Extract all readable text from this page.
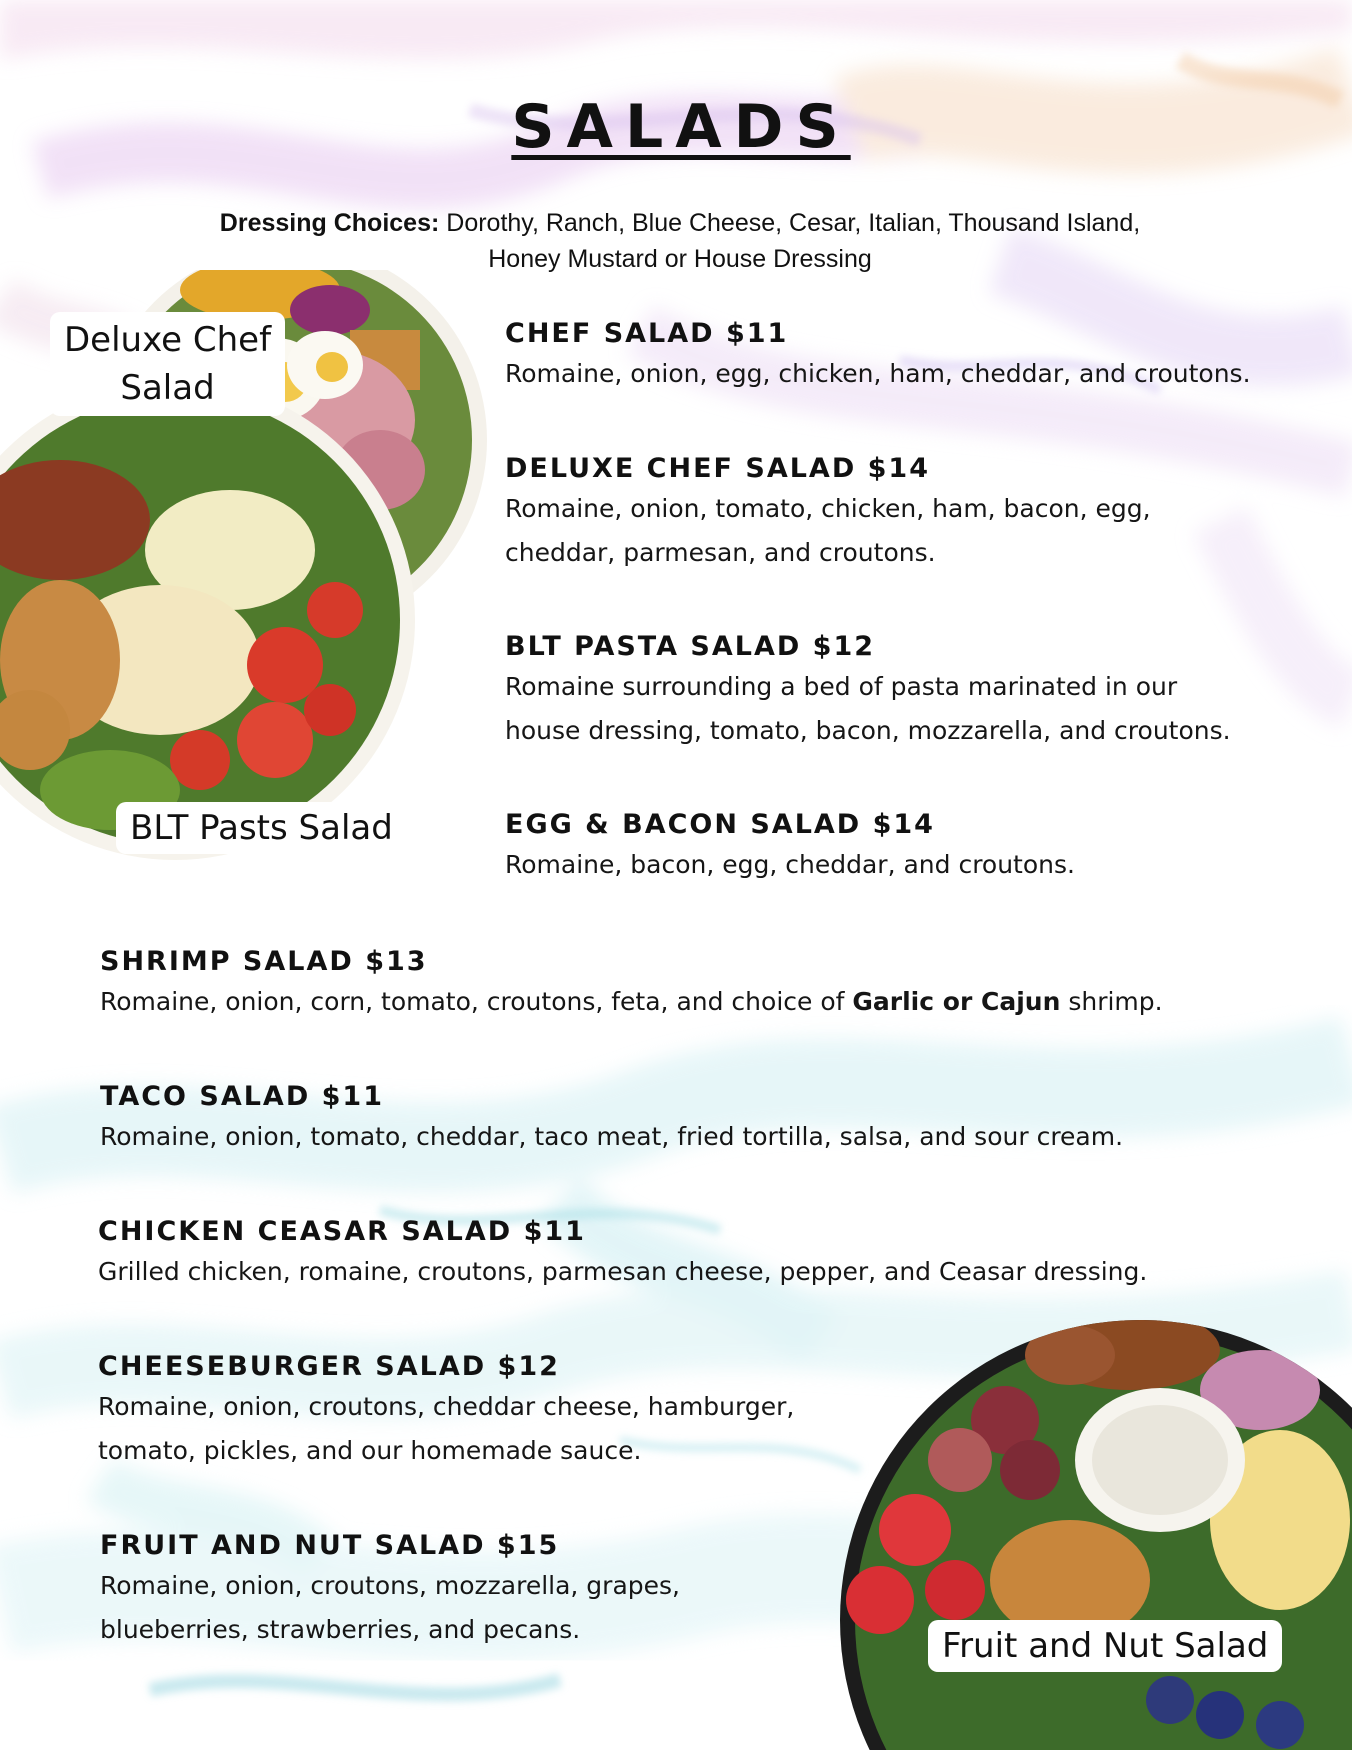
SALADS
Dressing Choices: Dorothy, Ranch, Blue Cheese, Cesar, Italian, Thousand Island,
Honey Mustard or House Dressing
Deluxe Chef
Salad
BLT Pasts Salad
Fruit and Nut Salad
CHEF SALAD $11
Romaine, onion, egg, chicken, ham, cheddar, and croutons.
DELUXE CHEF SALAD $14
Romaine, onion, tomato, chicken, ham, bacon, egg,
cheddar, parmesan, and croutons.
BLT PASTA SALAD $12
Romaine surrounding a bed of pasta marinated in our
house dressing, tomato, bacon, mozzarella, and croutons.
EGG & BACON SALAD $14
Romaine, bacon, egg, cheddar, and croutons.
SHRIMP SALAD $13
Romaine, onion, corn, tomato, croutons, feta, and choice of Garlic or Cajun shrimp.
TACO SALAD $11
Romaine, onion, tomato, cheddar, taco meat, fried tortilla, salsa, and sour cream.
CHICKEN CEASAR SALAD $11
Grilled chicken, romaine, croutons, parmesan cheese, pepper, and Ceasar dressing.
CHEESEBURGER SALAD $12
Romaine, onion, croutons, cheddar cheese, hamburger,
tomato, pickles, and our homemade sauce.
FRUIT AND NUT SALAD $15
Romaine, onion, croutons, mozzarella, grapes,
blueberries, strawberries, and pecans.
